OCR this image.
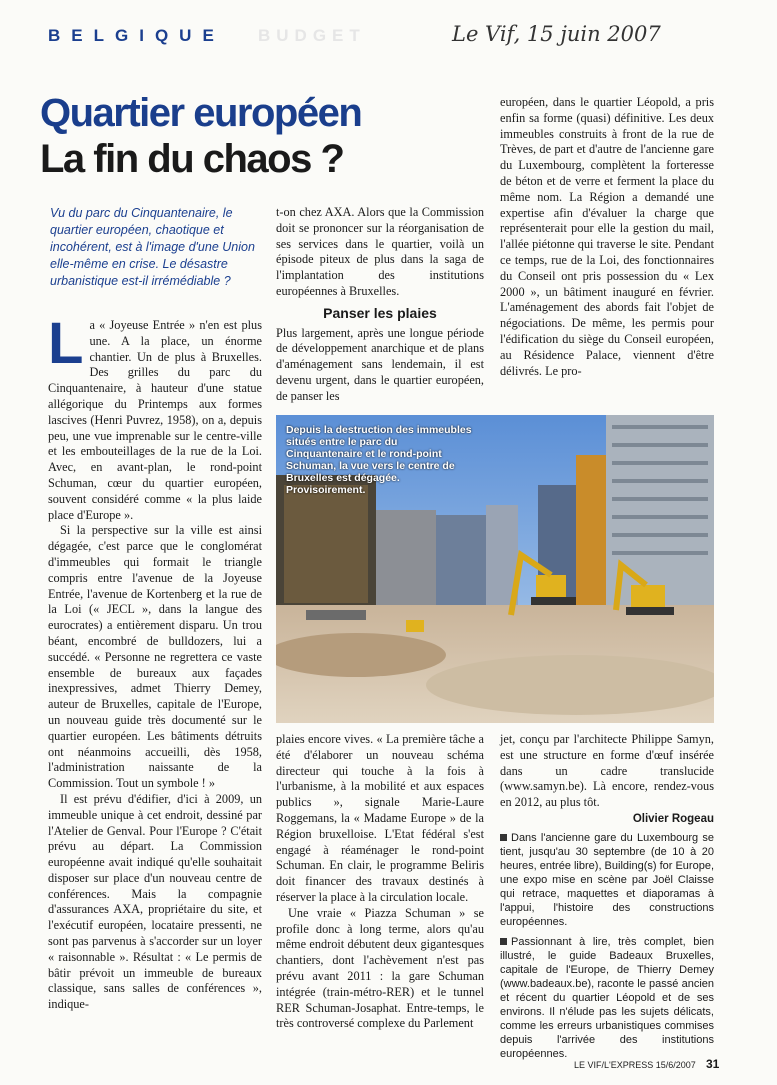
BELGIQUE BUDGET	Le Vif, 15 juin 2007
Quartier européen
La fin du chaos ?
Vu du parc du Cinquantenaire, le quartier européen, chaotique et incohérent, est à l'image d'une Union elle-même en crise. Le désastre urbanistique est-il irrémédiable ?

La « Joyeuse Entrée » n'en est plus une. A la place, un énorme chantier. Un de plus à Bruxelles. Des grilles du parc du Cinquantenaire, à hauteur d'une statue allégorique du Printemps aux formes lascives (Henri Puvrez, 1958), on a, depuis peu, une vue imprenable sur le centre-ville et les embouteillages de la rue de la Loi. Avec, en avant-plan, le rond-point Schuman, cœur du quartier européen, souvent considéré comme « la plus laide place d'Europe ».

Si la perspective sur la ville est ainsi dégagée, c'est parce que le conglomérat d'immeubles qui formait le triangle compris entre l'avenue de la Joyeuse Entrée, l'avenue de Kortenberg et la rue de la Loi (« JECL », dans la langue des eurocrates) a entièrement disparu. Un trou béant, encombré de bulldozers, lui a succédé. « Personne ne regrettera ce vaste ensemble de bureaux aux façades inexpressives, admet Thierry Demey, auteur de Bruxelles, capitale de l'Europe, un nouveau guide très documenté sur le quartier européen. Les bâtiments détruits ont néanmoins accueilli, dès 1958, l'administration naissante de la Commission. Tout un symbole ! »

Il est prévu d'édifier, d'ici à 2009, un immeuble unique à cet endroit, dessiné par l'Atelier de Genval. Pour l'Europe ? C'était prévu au départ. La Commission européenne avait indiqué qu'elle souhaitait disposer sur place d'un nouveau centre de conférences. Mais la compagnie d'assurances AXA, propriétaire du site, et l'exécutif européen, locataire pressenti, ne sont pas parvenus à s'accorder sur un loyer « raisonnable ». Résultat : « Le permis de bâtir prévoit un immeuble de bureaux classique, sans salles de conférences », indique-

t-on chez AXA. Alors que la Commission doit se prononcer sur la réorganisation de ses services dans le quartier, voilà un épisode piteux de plus dans la saga de l'implantation des institutions européennes à Bruxelles.

Panser les plaies

Plus largement, après une longue période de développement anarchique et de plans d'aménagement sans lendemain, il est devenu urgent, dans le quartier européen, de panser les

européen, dans le quartier Léopold, a pris enfin sa forme (quasi) définitive. Les deux immeubles construits à front de la rue de Trèves, de part et d'autre de l'ancienne gare du Luxembourg, complètent la forteresse de béton et de verre et ferment la place du même nom. La Région a demandé une expertise afin d'évaluer la charge que représenterait pour elle la gestion du mail, l'allée piétonne qui traverse le site. Pendant ce temps, rue de la Loi, des fonctionnaires du Conseil ont pris possession du « Lex 2000 », un bâtiment inauguré en février. L'aménagement des abords fait l'objet de négociations. De même, les permis pour l'édification du siège du Conseil européen, au Résidence Palace, viennent d'être délivrés. Le pro-

Depuis la destruction des immeubles situés entre le parc du Cinquantenaire et le rond-point Schuman, la vue vers le centre de Bruxelles est dégagée. Provisoirement.

plaies encore vives. « La première tâche a été d'élaborer un nouveau schéma directeur qui touche à la fois à l'urbanisme, à la mobilité et aux espaces publics », signale Marie-Laure Roggemans, la « Madame Europe » de la Région bruxelloise. L'Etat fédéral s'est engagé à réaménager le rond-point Schuman. En clair, le programme Beliris doit financer des travaux destinés à réserver la place à la circulation locale.

Une vraie « Piazza Schuman » se profile donc à long terme, alors qu'au même endroit débutent deux gigantesques chantiers, dont l'achèvement n'est pas prévu avant 2011 : la gare Schuman intégrée (train-métro-RER) et le tunnel RER Schuman-Josaphat. Entre-temps, le très controversé complexe du Parlement

jet, conçu par l'architecte Philippe Samyn, est une structure en forme d'œuf insérée dans un cadre translucide (www.samyn.be). Là encore, rendez-vous en 2012, au plus tôt.

Olivier Rogeau
Dans l'ancienne gare du Luxembourg se tient, jusqu'au 30 septembre (de 10 à 20 heures, entrée libre), Building(s) for Europe, une expo mise en scène par Joël Claisse qui retrace, maquettes et diaporamas à l'appui, l'histoire des constructions européennes.
Passionnant à lire, très complet, bien illustré, le guide Badeaux Bruxelles, capitale de l'Europe, de Thierry Demey (www.badeaux.be), raconte le passé ancien et récent du quartier Léopold et de ses environs. Il n'élude pas les sujets délicats, comme les erreurs urbanistiques commises depuis l'arrivée des institutions européennes.
LE VIF/L'EXPRESS 15/6/2007 31
